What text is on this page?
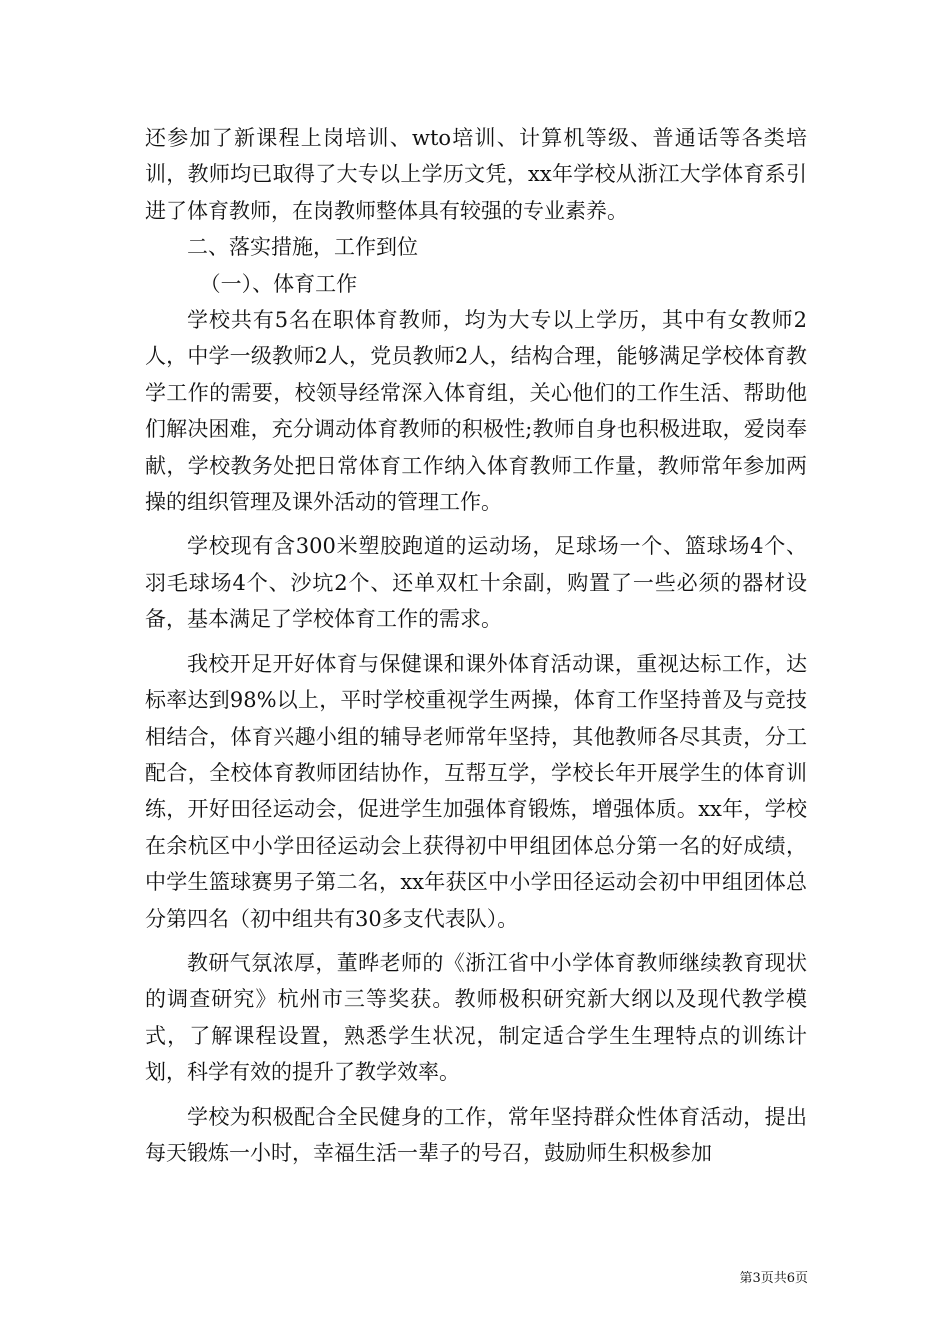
还参加了新课程上岗培训、wto培训、计算机等级、普通话等各类培训，教师均已取得了大专以上学历文凭，xx年学校从浙江大学体育系引进了体育教师，在岗教师整体具有较强的专业素养。

二、落实措施，工作到位

（一）、体育工作

学校共有5名在职体育教师，均为大专以上学历，其中有女教师2人，中学一级教师2人，党员教师2人，结构合理，能够满足学校体育教学工作的需要，校领导经常深入体育组，关心他们的工作生活、帮助他们解决困难，充分调动体育教师的积极性;教师自身也积极进取，爱岗奉献，学校教务处把日常体育工作纳入体育教师工作量，教师常年参加两操的组织管理及课外活动的管理工作。

学校现有含300米塑胶跑道的运动场，足球场一个、篮球场4个、羽毛球场4个、沙坑2个、还单双杠十余副，购置了一些必须的器材设备，基本满足了学校体育工作的需求。

我校开足开好体育与保健课和课外体育活动课，重视达标工作，达标率达到98%以上，平时学校重视学生两操，体育工作坚持普及与竞技相结合，体育兴趣小组的辅导老师常年坚持，其他教师各尽其责，分工配合，全校体育教师团结协作，互帮互学，学校长年开展学生的体育训练，开好田径运动会，促进学生加强体育锻炼，增强体质。xx年，学校在余杭区中小学田径运动会上获得初中甲组团体总分第一名的好成绩，中学生篮球赛男子第二名，xx年获区中小学田径运动会初中甲组团体总分第四名（初中组共有30多支代表队）。

教研气氛浓厚，董晔老师的《浙江省中小学体育教师继续教育现状的调查研究》杭州市三等奖获。教师极积研究新大纲以及现代教学模式，了解课程设置，熟悉学生状况，制定适合学生生理特点的训练计划，科学有效的提升了教学效率。

学校为积极配合全民健身的工作，常年坚持群众性体育活动，提出每天锻炼一小时，幸福生活一辈子的号召，鼓励师生积极参加

第3页共6页
